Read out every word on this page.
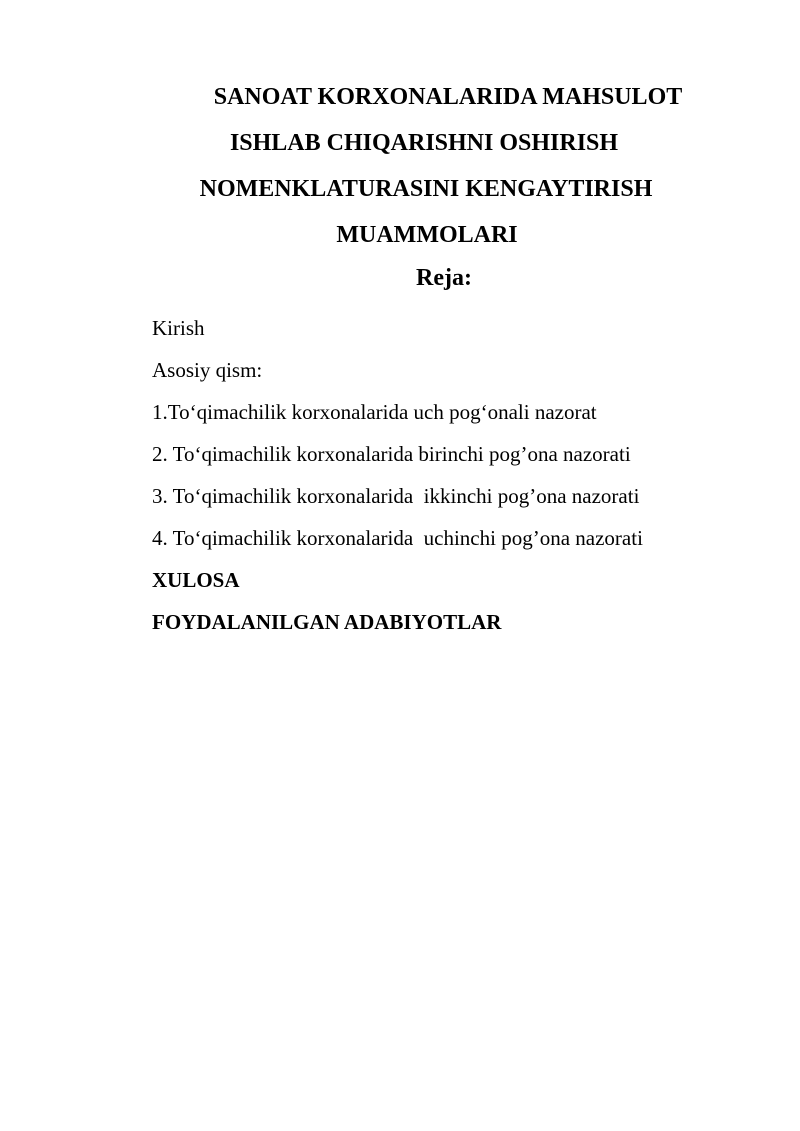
SANOAT KORXONALARIDA MAHSULOT
ISHLAB CHIQARISHNI OSHIRISH
NOMENKLATURASINI KENGAYTIRISH
MUAMMOLARI
Reja:
Kirish
Asosiy qism:
1.To‘qimachilik korxonalarida uch pog‘onali nazorat
2. To‘qimachilik korxonalarida birinchi pog’ona nazorati
3. To‘qimachilik korxonalarida  ikkinchi pog’ona nazorati
4. To‘qimachilik korxonalarida  uchinchi pog’ona nazorati
XULOSA
FOYDALANILGAN ADABIYOTLAR
